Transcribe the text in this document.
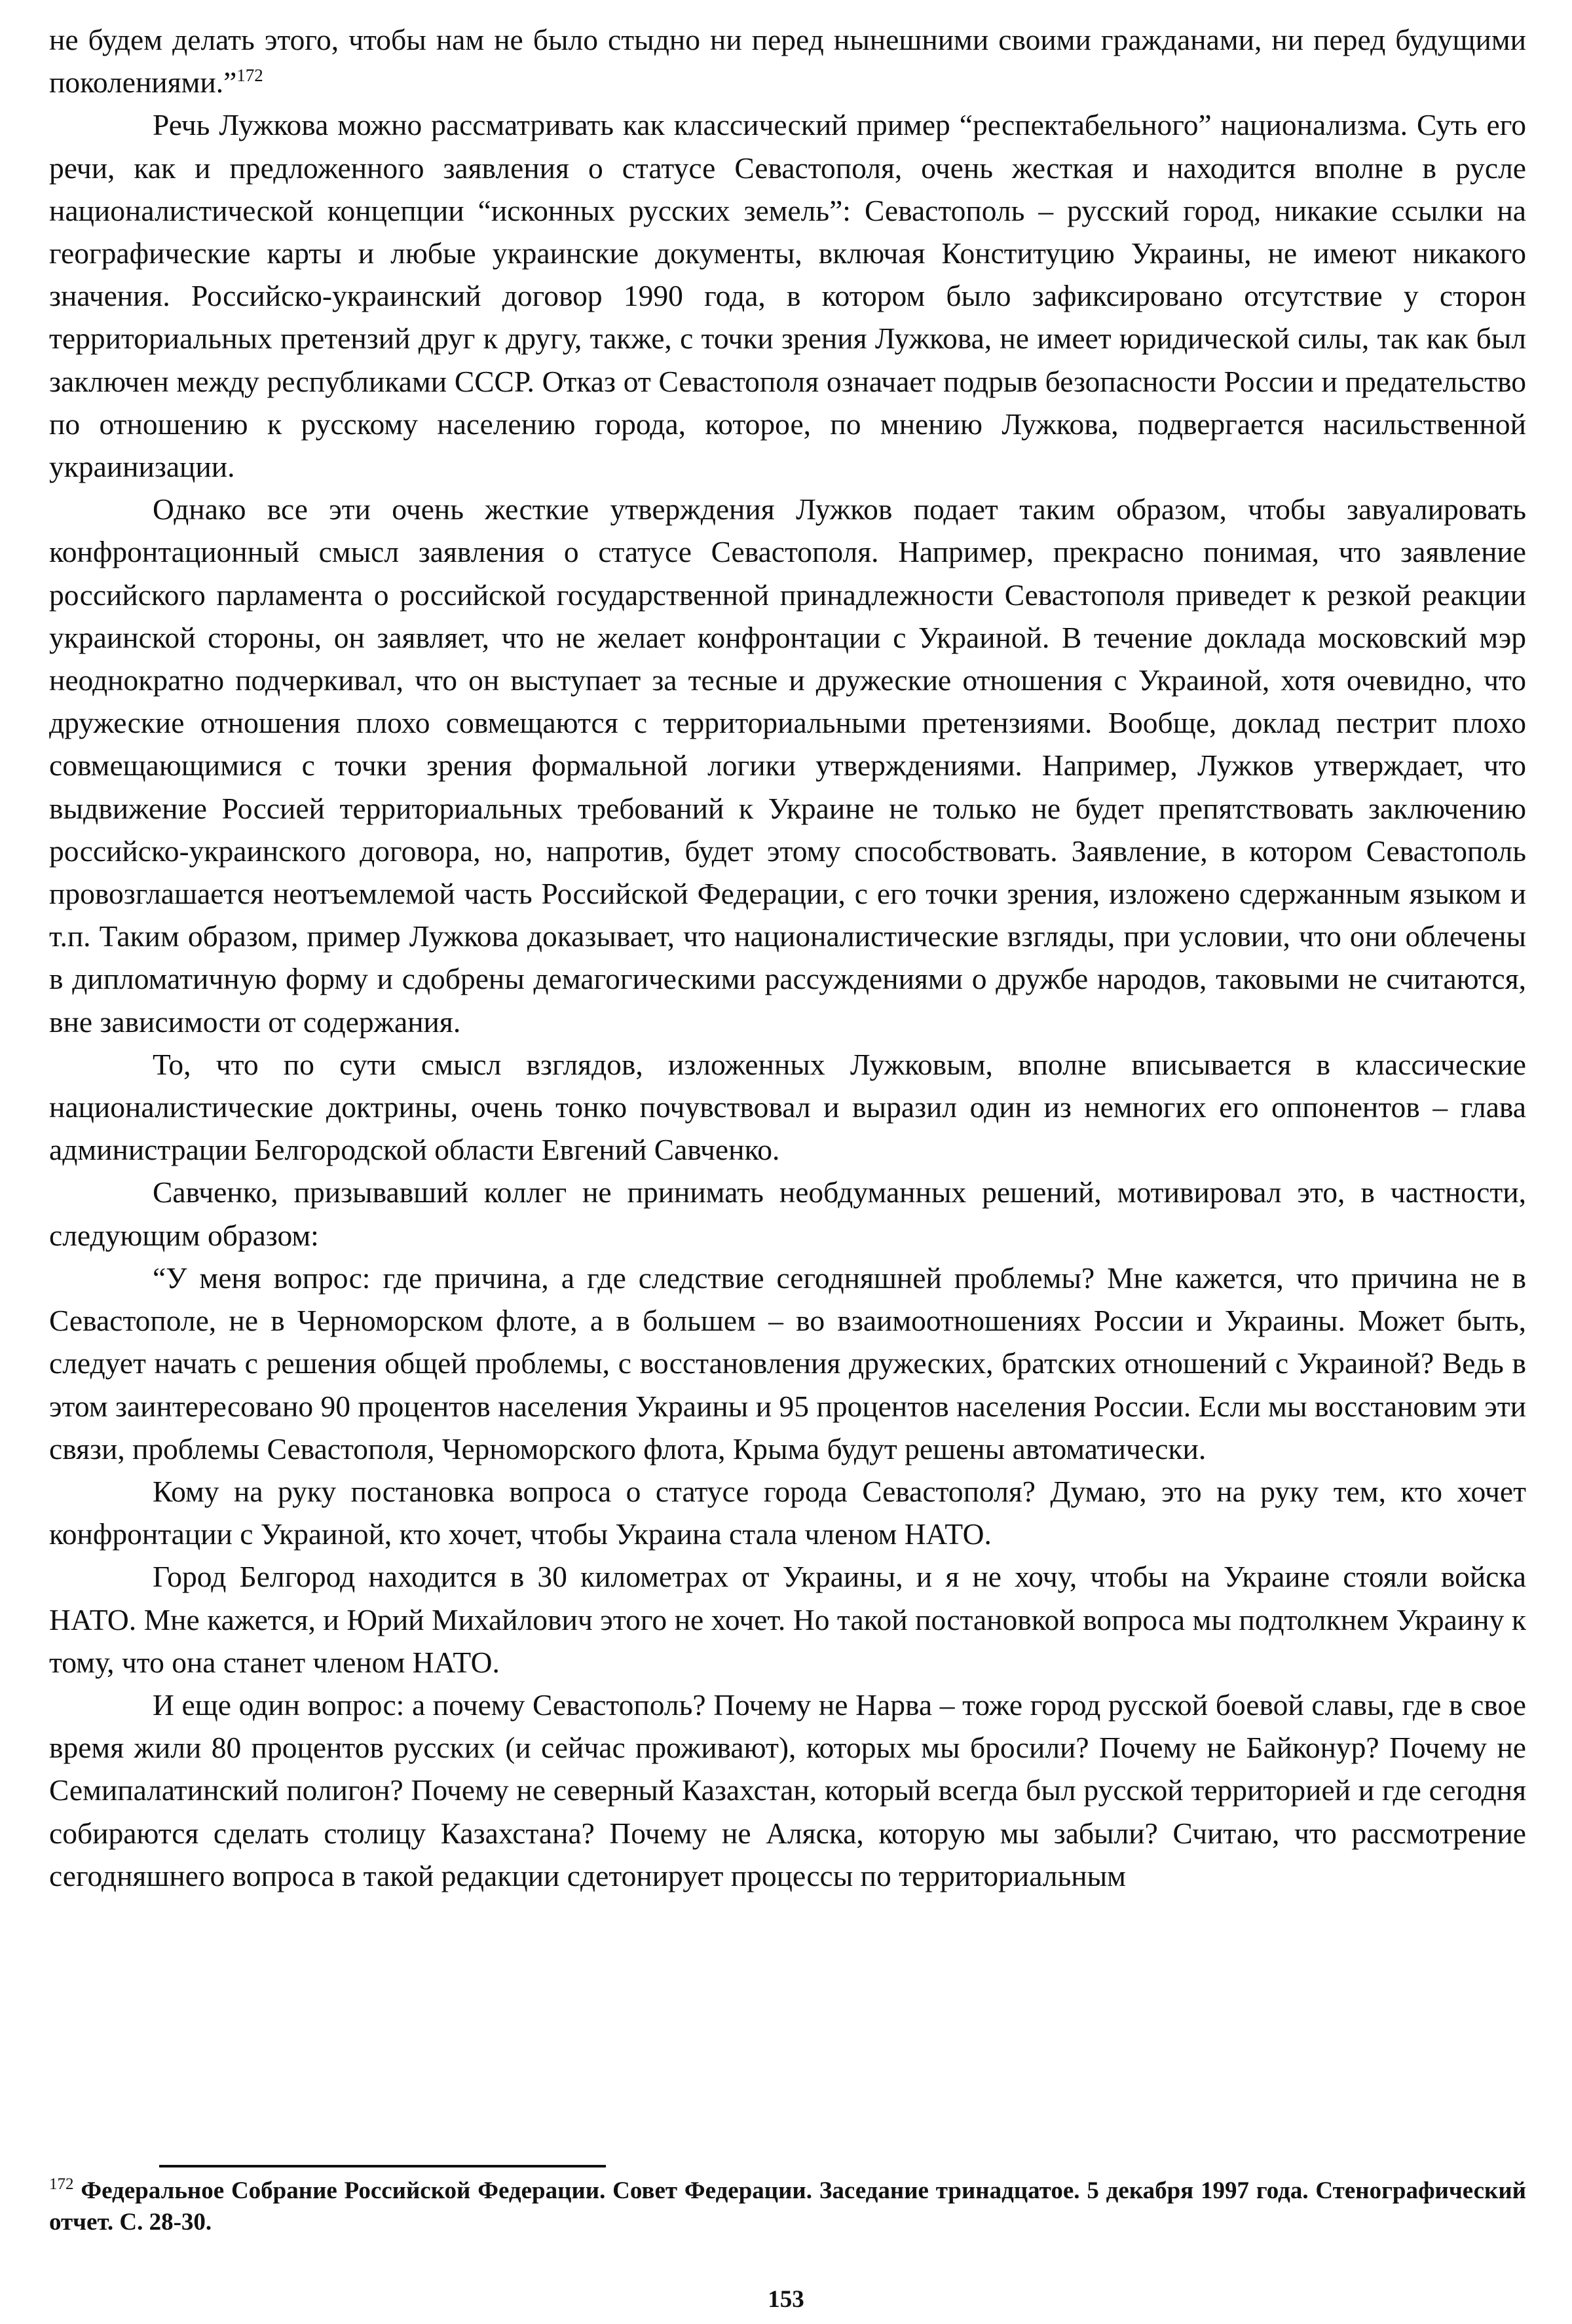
не будем делать этого, чтобы нам не было стыдно ни перед нынешними своими гражданами, ни перед будущими поколениями.”$^{172}$

Речь Лужкова можно рассматривать как классический пример “респектабельного” национализма. Суть его речи, как и предложенного заявления о статусе Севастополя, очень жесткая и находится вполне в русле националистической концепции “исконных русских земель”: Севастополь – русский город, никакие ссылки на географические карты и любые украинские документы, включая Конституцию Украины, не имеют никакого значения. Российско-украинский договор 1990 года, в котором было зафиксировано отсутствие у сторон территориальных претензий друг к другу, также, с точки зрения Лужкова, не имеет юридической силы, так как был заключен между республиками СССР. Отказ от Севастополя означает подрыв безопасности России и предательство по отношению к русскому населению города, которое, по мнению Лужкова, подвергается насильственной украинизации.

Однако все эти очень жесткие утверждения Лужков подает таким образом, чтобы завуалировать конфронтационный смысл заявления о статусе Севастополя. Например, прекрасно понимая, что заявление российского парламента о российской государственной принадлежности Севастополя приведет к резкой реакции украинской стороны, он заявляет, что не желает конфронтации с Украиной. В течение доклада московский мэр неоднократно подчеркивал, что он выступает за тесные и дружеские отношения с Украиной, хотя очевидно, что дружеские отношения плохо совмещаются с территориальными претензиями. Вообще, доклад пестрит плохо совмещающимися с точки зрения формальной логики утверждениями. Например, Лужков утверждает, что выдвижение Россией территориальных требований к Украине не только не будет препятствовать заключению российско-украинского договора, но, напротив, будет этому способствовать. Заявление, в котором Севастополь провозглашается неотъемлемой часть Российской Федерации, с его точки зрения, изложено сдержанным языком и т.п. Таким образом, пример Лужкова доказывает, что националистические взгляды, при условии, что они облечены в дипломатичную форму и сдобрены демагогическими рассуждениями о дружбе народов, таковыми не считаются, вне зависимости от содержания.

То, что по сути смысл взглядов, изложенных Лужковым, вполне вписывается в классические националистические доктрины, очень тонко почувствовал и выразил один из немногих его оппонентов – глава администрации Белгородской области Евгений Савченко.

Савченко, призывавший коллег не принимать необдуманных решений, мотивировал это, в частности, следующим образом:

“У меня вопрос: где причина, а где следствие сегодняшней проблемы? Мне кажется, что причина не в Севастополе, не в Черноморском флоте, а в большем – во взаимоотношениях России и Украины. Может быть, следует начать с решения общей проблемы, с восстановления дружеских, братских отношений с Украиной? Ведь в этом заинтересовано 90 процентов населения Украины и 95 процентов населения России. Если мы восстановим эти связи, проблемы Севастополя, Черноморского флота, Крыма будут решены автоматически.

Кому на руку постановка вопроса о статусе города Севастополя? Думаю, это на руку тем, кто хочет конфронтации с Украиной, кто хочет, чтобы Украина стала членом НАТО.

Город Белгород находится в 30 километрах от Украины, и я не хочу, чтобы на Украине стояли войска НАТО. Мне кажется, и Юрий Михайлович этого не хочет. Но такой постановкой вопроса мы подтолкнем Украину к тому, что она станет членом НАТО.

И еще один вопрос: а почему Севастополь? Почему не Нарва – тоже город русской боевой славы, где в свое время жили 80 процентов русских (и сейчас проживают), которых мы бросили? Почему не Байконур? Почему не Семипалатинский полигон? Почему не северный Казахстан, который всегда был русской территорией и где сегодня собираются сделать столицу Казахстана? Почему не Аляска, которую мы забыли? Считаю, что рассмотрение сегодняшнего вопроса в такой редакции сдетонирует процессы по территориальным

$^{172}$ Федеральное Собрание Российской Федерации. Совет Федерации. Заседание тринадцатое. 5 декабря 1997 года. Стенографический отчет. С. 28-30.

153
